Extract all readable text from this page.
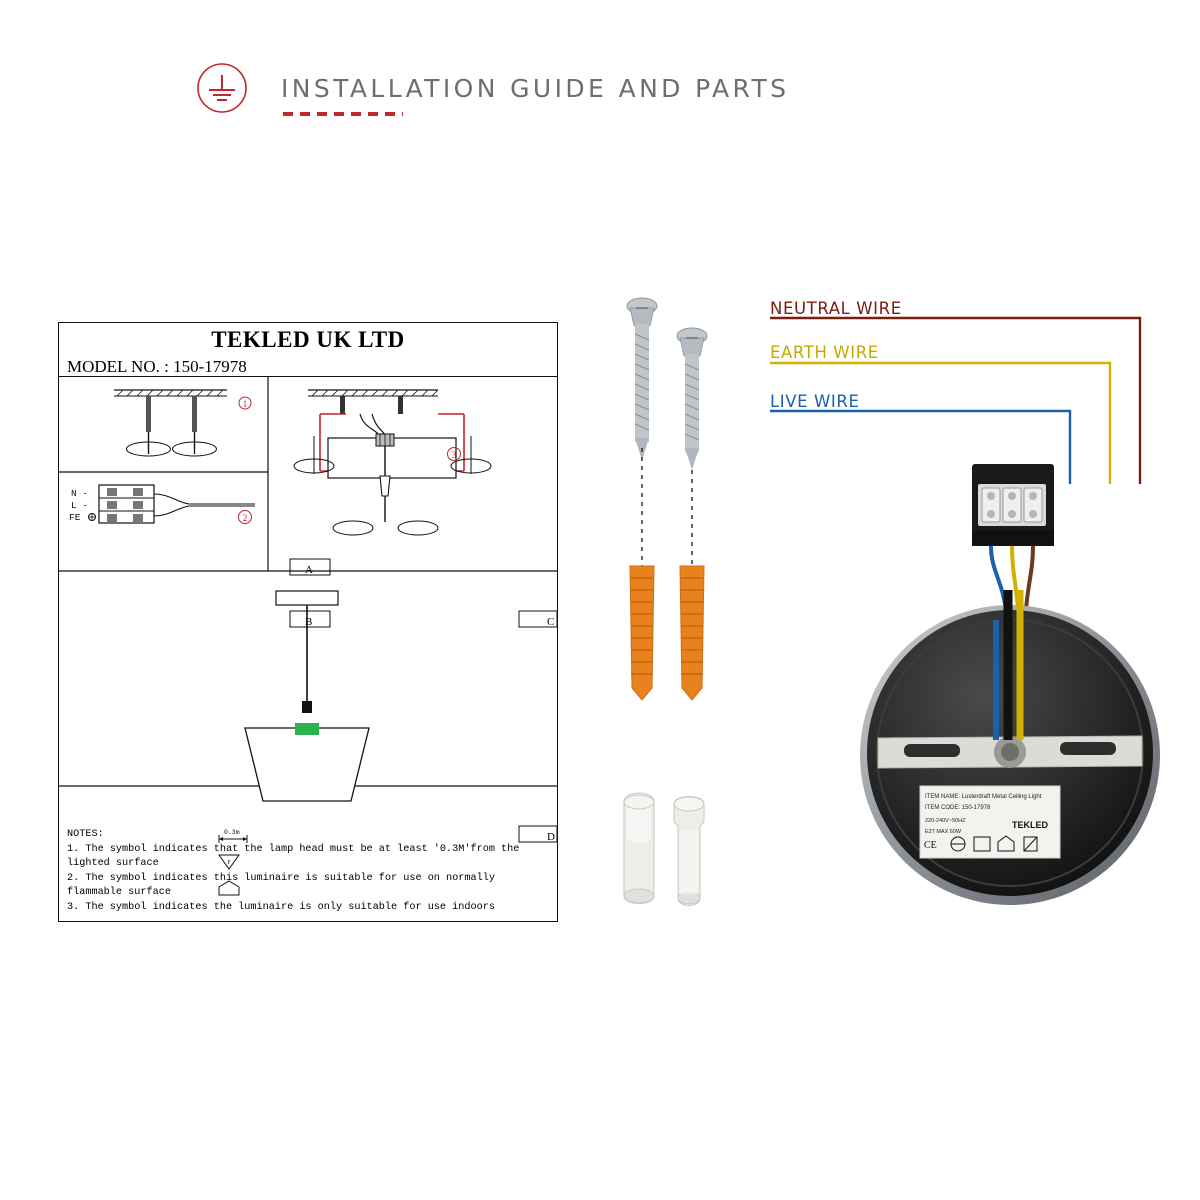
INSTALLATION GUIDE AND PARTS
TEKLED UK LTD
MODEL NO. : 150-17978
1
N -
L -
FE	2
3
A
B	C
D
NOTES:
1. The symbol indicates that the lamp head must be at least '0.3M'from the lighted surface
2. The symbol indicates this luminaire is suitable for use on normally flammable surface
3. The symbol indicates the luminaire is only suitable for use indoors
0.3m
F
NEUTRAL WIRE
EARTH WIRE
LIVE WIRE
ITEM NAME: Lusterdraft Metal Ceiling Light
ITEM CODE: 150-17978
220-240V~50HZ
E27 MAX 60W
TEKLED
CE
